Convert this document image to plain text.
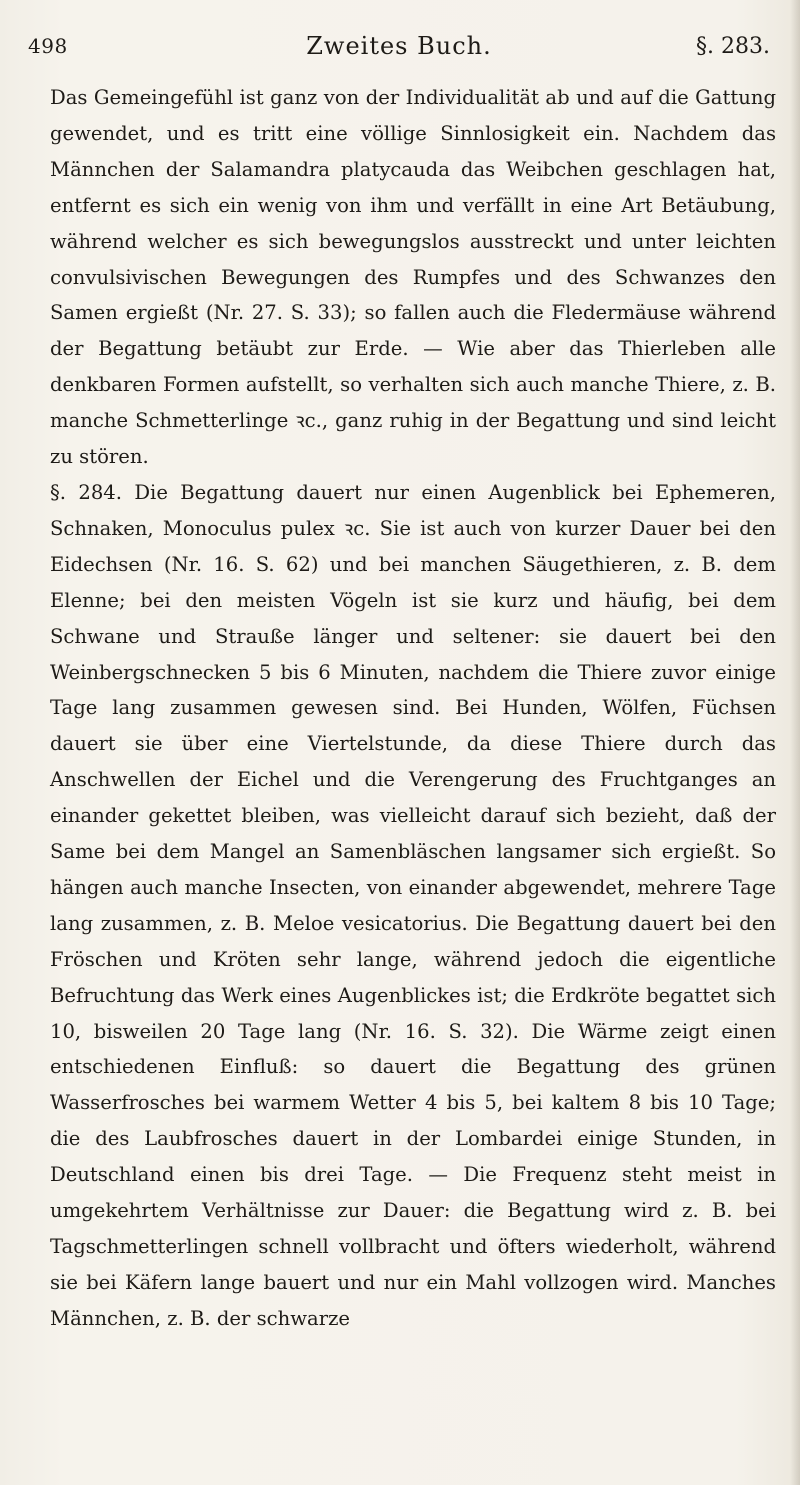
498	Zweites Buch.	§. 283.

Das Gemeingefühl ist ganz von der Individualität ab und auf die Gattung gewendet, und es tritt eine völlige Sinnlosigkeit ein. Nachdem das Männchen der Salamandra platycauda das Weibchen geschlagen hat, entfernt es sich ein wenig von ihm und verfällt in eine Art Betäubung, während welcher es sich bewegungslos ausstreckt und unter leichten convulsivischen Bewegungen des Rumpfes und des Schwanzes den Samen ergießt (Nr. 27. S. 33); so fallen auch die Fledermäuse während der Begattung betäubt zur Erde. — Wie aber das Thierleben alle denkbaren Formen aufstellt, so verhalten sich auch manche Thiere, z. B. manche Schmetterlinge ꝛc., ganz ruhig in der Begattung und sind leicht zu stören.

§. 284. Die Begattung dauert nur einen Augenblick bei Ephemeren, Schnaken, Monoculus pulex ꝛc. Sie ist auch von kurzer Dauer bei den Eidechsen (Nr. 16. S. 62) und bei manchen Säugethieren, z. B. dem Elenne; bei den meisten Vögeln ist sie kurz und häufig, bei dem Schwane und Strauße länger und seltener: sie dauert bei den Weinbergschnecken 5 bis 6 Minuten, nachdem die Thiere zuvor einige Tage lang zusammen gewesen sind. Bei Hunden, Wölfen, Füchsen dauert sie über eine Viertelstunde, da diese Thiere durch das Anschwellen der Eichel und die Verengerung des Fruchtganges an einander gekettet bleiben, was vielleicht darauf sich bezieht, daß der Same bei dem Mangel an Samenbläschen langsamer sich ergießt. So hängen auch manche Insecten, von einander abgewendet, mehrere Tage lang zusammen, z. B. Meloe vesicatorius. Die Begattung dauert bei den Fröschen und Kröten sehr lange, während jedoch die eigentliche Befruchtung das Werk eines Augenblickes ist; die Erdkröte begattet sich 10, bisweilen 20 Tage lang (Nr. 16. S. 32). Die Wärme zeigt einen entschiedenen Einfluß: so dauert die Begattung des grünen Wasserfrosches bei warmem Wetter 4 bis 5, bei kaltem 8 bis 10 Tage; die des Laubfrosches dauert in der Lombardei einige Stunden, in Deutschland einen bis drei Tage. — Die Frequenz steht meist in umgekehrtem Verhältnisse zur Dauer: die Begattung wird z. B. bei Tagschmetterlingen schnell vollbracht und öfters wiederholt, während sie bei Käfern lange bauert und nur ein Mahl vollzogen wird. Manches Männchen, z. B. der schwarze
